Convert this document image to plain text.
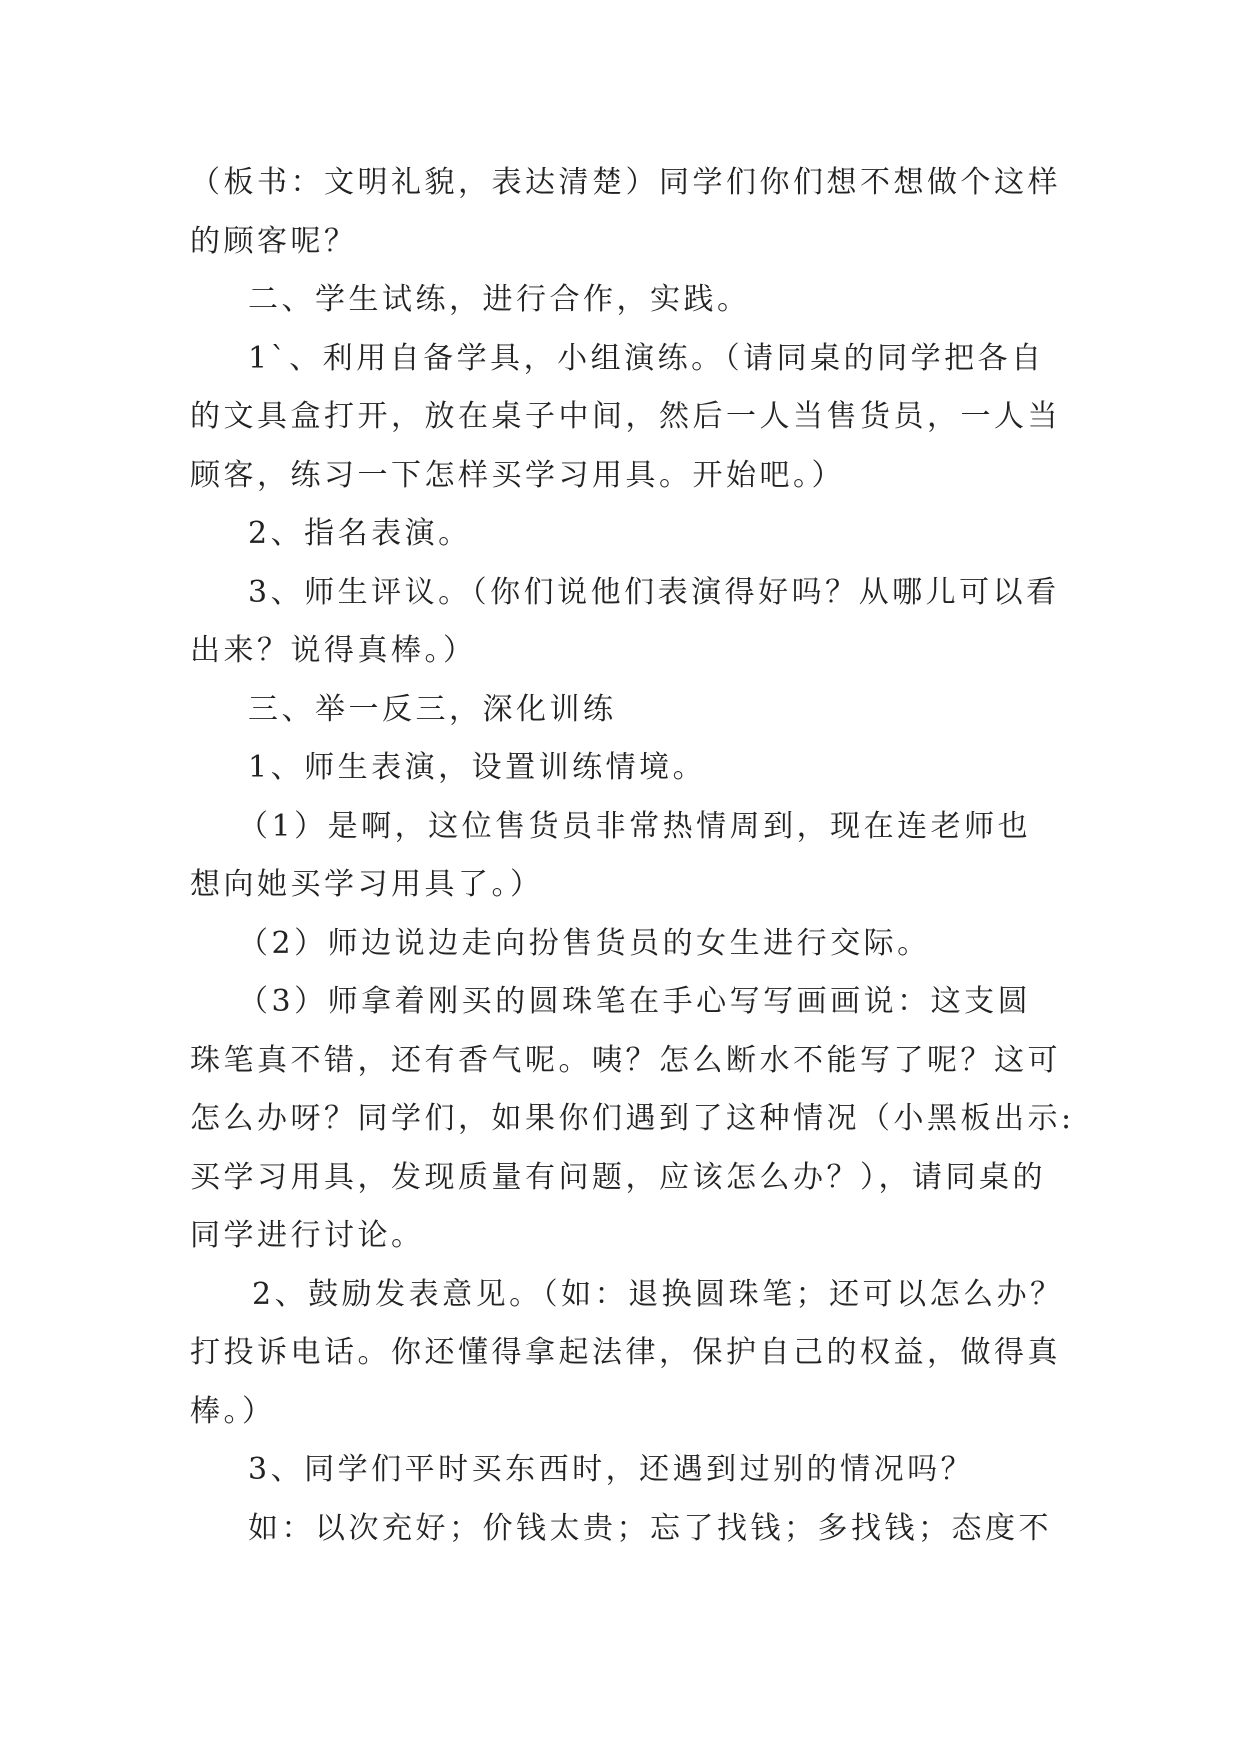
（板书：文明礼貌，表达清楚）同学们你们想不想做个这样
的顾客呢？
二、学生试练，进行合作，实践。
1`、利用自备学具，小组演练。（请同桌的同学把各自
的文具盒打开，放在桌子中间，然后一人当售货员，一人当
顾客，练习一下怎样买学习用具。开始吧。）
2、指名表演。
3、师生评议。（你们说他们表演得好吗？从哪儿可以看
出来？说得真棒。）
三、举一反三，深化训练
1、师生表演，设置训练情境。
（1）是啊，这位售货员非常热情周到，现在连老师也
想向她买学习用具了。）
（2）师边说边走向扮售货员的女生进行交际。
（3）师拿着刚买的圆珠笔在手心写写画画说：这支圆
珠笔真不错，还有香气呢。咦？怎么断水不能写了呢？这可
怎么办呀？同学们，如果你们遇到了这种情况（小黑板出示:
买学习用具，发现质量有问题，应该怎么办？），请同桌的
同学进行讨论。
2、鼓励发表意见。（如：退换圆珠笔；还可以怎么办？
打投诉电话。你还懂得拿起法律，保护自己的权益，做得真
棒。）
3、同学们平时买东西时，还遇到过别的情况吗？
如：以次充好；价钱太贵；忘了找钱；多找钱；态度不
